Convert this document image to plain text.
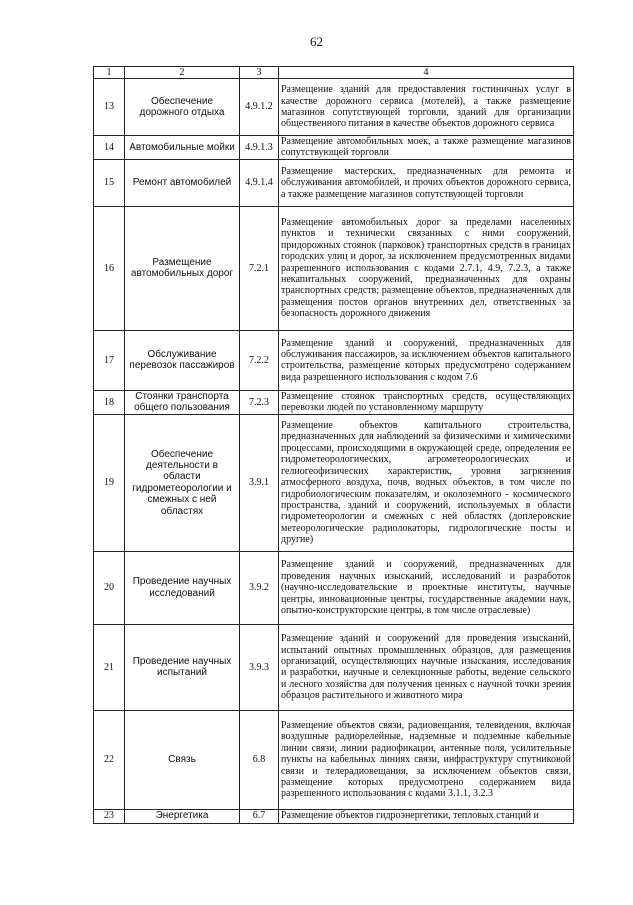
62
1	2	3	4
13	Обеспечение дорожного отдыха	4.9.1.2	Размещение зданий для предоставления гостиничных услуг в качестве дорожного сервиса (мотелей), а также размещение магазинов сопутствующей торговли, зданий для организации общественного питания в качестве объектов дорожного сервиса
14	Автомобильные мойки	4.9.1.3	Размещение автомобильных моек, а также размещение магазинов сопутствующей торговли
15	Ремонт автомобилей	4.9.1.4	Размещение мастерских, предназначенных для ремонта и обслуживания автомобилей, и прочих объектов дорожного сервиса, а также размещение магазинов сопутствующей торговли
16	Размещение автомобильных дорог	7.2.1	Размещение автомобильных дорог за пределами населенных пунктов и технически связанных с ними сооружений, придорожных стоянок (парковок) транспортных средств в границах городских улиц и дорог, за исключением предусмотренных видами разрешенного использования с кодами 2.7.1, 4.9, 7.2.3, а также некапитальных сооружений, предназначенных для охраны транспортных средств; размещение объектов, предназначенных для размещения постов органов внутренних дел, ответственных за безопасность дорожного движения
17	Обслуживание перевозок пассажиров	7.2.2	Размещение зданий и сооружений, предназначенных для обслуживания пассажиров, за исключением объектов капитального строительства, размещение которых предусмотрено содержанием вида разрешенного использования с кодом 7.6
18	Стоянки транспорта общего пользования	7.2.3	Размещение стоянок транспортных средств, осуществляющих перевозки людей по установленному маршруту
19	Обеспечение деятельности в области гидрометеорологии и смежных с ней областях	3.9.1	Размещение объектов капитального строительства, предназначенных для наблюдений за физическими и химическими процессами, происходящими в окружающей среде, определения ее гидрометеорологических, агрометеорологических и гелиогеофизических характеристик, уровня загрязнения атмосферного воздуха, почв, водных объектов, в том числе по гидробиологическим показателям, и околоземного - космического пространства, зданий и сооружений, используемых в области гидрометеорологии и смежных с ней областях (доплеровские метеорологические радиолокаторы, гидрологические посты и другие)
20	Проведение научных исследований	3.9.2	Размещение зданий и сооружений, предназначенных для проведения научных изысканий, исследований и разработок (научно-исследовательские и проектные институты, научные центры, инновационные центры, государственные академии наук, опытно-конструкторские центры, в том числе отраслевые)
21	Проведение научных испытаний	3.9.3	Размещение зданий и сооружений для проведения изысканий, испытаний опытных промышленных образцов, для размещения организаций, осуществляющих научные изыскания, исследования и разработки, научные и селекционные работы, ведение сельского и лесного хозяйства для получения ценных с научной точки зрения образцов растительного и животного мира
22	Связь	6.8	Размещение объектов связи, радиовещания, телевидения, включая воздушные радиорелейные, надземные и подземные кабельные линии связи, линии радиофикации, антенные поля, усилительные пункты на кабельных линиях связи, инфраструктуру спутниковой связи и телерадиовещания, за исключением объектов связи, размещение которых предусмотрено содержанием вида разрешенного использования с кодами 3.1.1, 3.2.3
23	Энергетика	6.7	Размещение объектов гидроэнергетики, тепловых станций и
